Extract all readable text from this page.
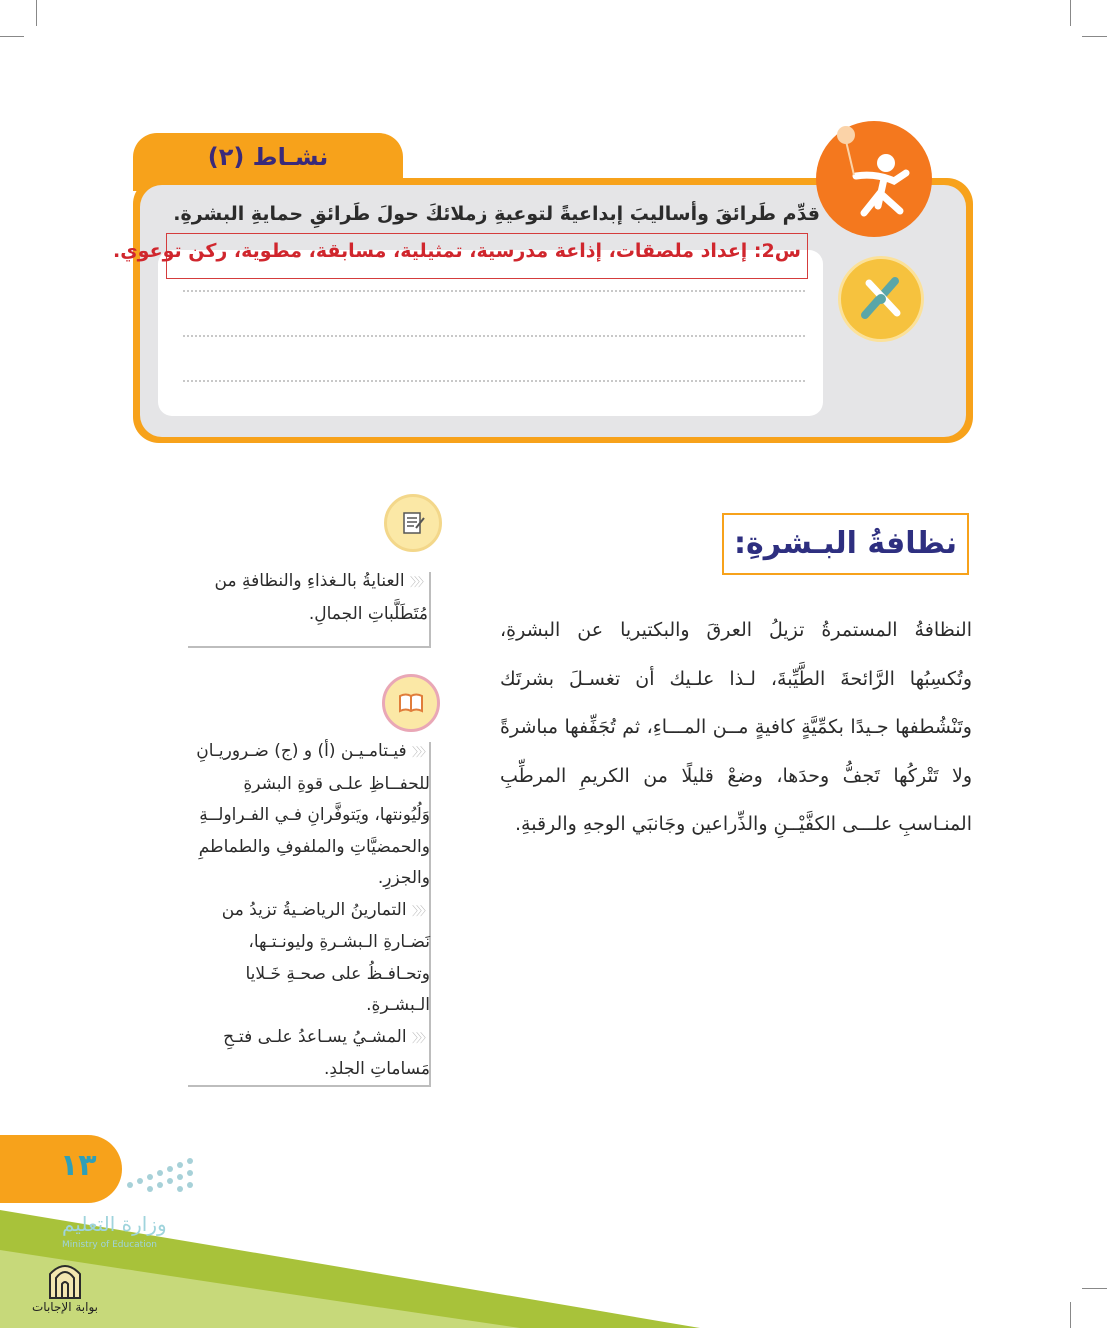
نشـاط (٢)
قدِّم طَرائقَ وأساليبَ إبداعيةً لتوعيةِ زملائكَ حولَ طَرائقِ حمايةِ البشرةِ.
س2: إعداد ملصقات، إذاعة مدرسية، تمثيلية، مسابقة، مطوية، ركن توعوي.
نظافةُ البـشرةِ:
النظافةُ المستمرةُ تزيلُ العرقَ والبكتيريا عن البشرةِ، وتُكسِبُها الرَّائحةَ الطَّيِّبةَ، لـذا علـيك أن تغسـلَ بشرتَك وتَنْشُطفها جـيدًا بكمِّيَّةٍ كافيةٍ مــن المـــاءِ، ثم تُجَفِّفها مباشرةً ولا تَتْركُها تَجفُّ وحدَها، وضعْ قليلًا من الكريمِ المرطِّبِ المنـاسبِ علـــى الكفَّيْــنِ والذِّراعين وجَانبَي الوجهِ والرقبةِ.
〈〈〈 العنايةُ بالـغذاءِ والنظافةِ من مُتَطَلَّباتِ الجمالِ.
〈〈〈 فيـتامـيـن (أ) و (ج) ضـروريـانِ للحفــاظِ علـى قوةِ البشرةِ وَلُيُونتها، ويَتوفَّرانِ فـي الفـراولــةِ والحمضيَّاتِ والملفوفِ والطماطمِ والجزرِ.
〈〈〈 التمارينُ الرياضـيةُ تزيدُ من نَضـارةِ الـبشـرةِ وليونـتـها، وتحـافـظُ على صحـةِ خَـلايا الـبشـرةِ.
〈〈〈 المشـيُ يسـاعدُ علـى فتـحِ مَساماتِ الجلدِ.
١٣
وزارة التعليم
Ministry of Education
بوابة الإجابات
